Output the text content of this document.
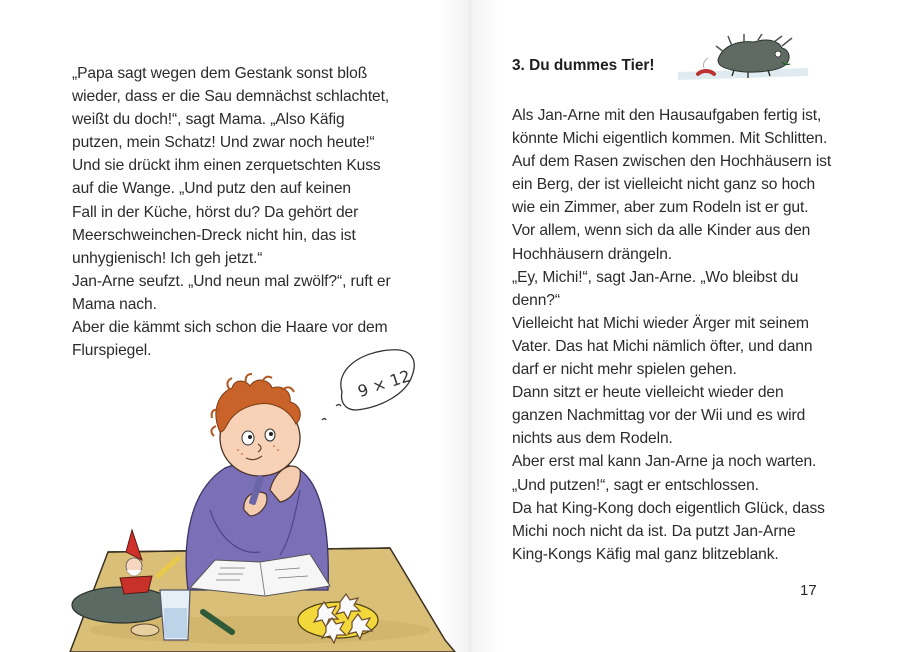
„Papa sagt wegen dem Gestank sonst bloß

wieder, dass er die Sau demnächst schlachtet,

weißt du doch!“, sagt Mama. „Also Käfig

putzen, mein Schatz! Und zwar noch heute!“

Und sie drückt ihm einen zerquetschten Kuss

auf die Wange. „Und putz den auf keinen

Fall in der Küche, hörst du? Da gehört der

Meerschweinchen-Dreck nicht hin, das ist

unhygienisch! Ich geh jetzt.“

Jan-Arne seufzt. „Und neun mal zwölf?“, ruft er

Mama nach.

Aber die kämmt sich schon die Haare vor dem

Flurspiegel.

9 × 12
3. Du dummes Tier!

Als Jan-Arne mit den Hausaufgaben fertig ist,

könnte Michi eigentlich kommen. Mit Schlitten.

Auf dem Rasen zwischen den Hochhäusern ist

ein Berg, der ist vielleicht nicht ganz so hoch

wie ein Zimmer, aber zum Rodeln ist er gut.

Vor allem, wenn sich da alle Kinder aus den

Hochhäusern drängeln.

„Ey, Michi!“, sagt Jan-Arne. „Wo bleibst du

denn?“

Vielleicht hat Michi wieder Ärger mit seinem

Vater. Das hat Michi nämlich öfter, und dann

darf er nicht mehr spielen gehen.

Dann sitzt er heute vielleicht wieder den

ganzen Nachmittag vor der Wii und es wird

nichts aus dem Rodeln.

Aber erst mal kann Jan-Arne ja noch warten.

„Und putzen!“, sagt er entschlossen.

Da hat King-Kong doch eigentlich Glück, dass

Michi noch nicht da ist. Da putzt Jan-Arne

King-Kongs Käfig mal ganz blitzeblank.

17
